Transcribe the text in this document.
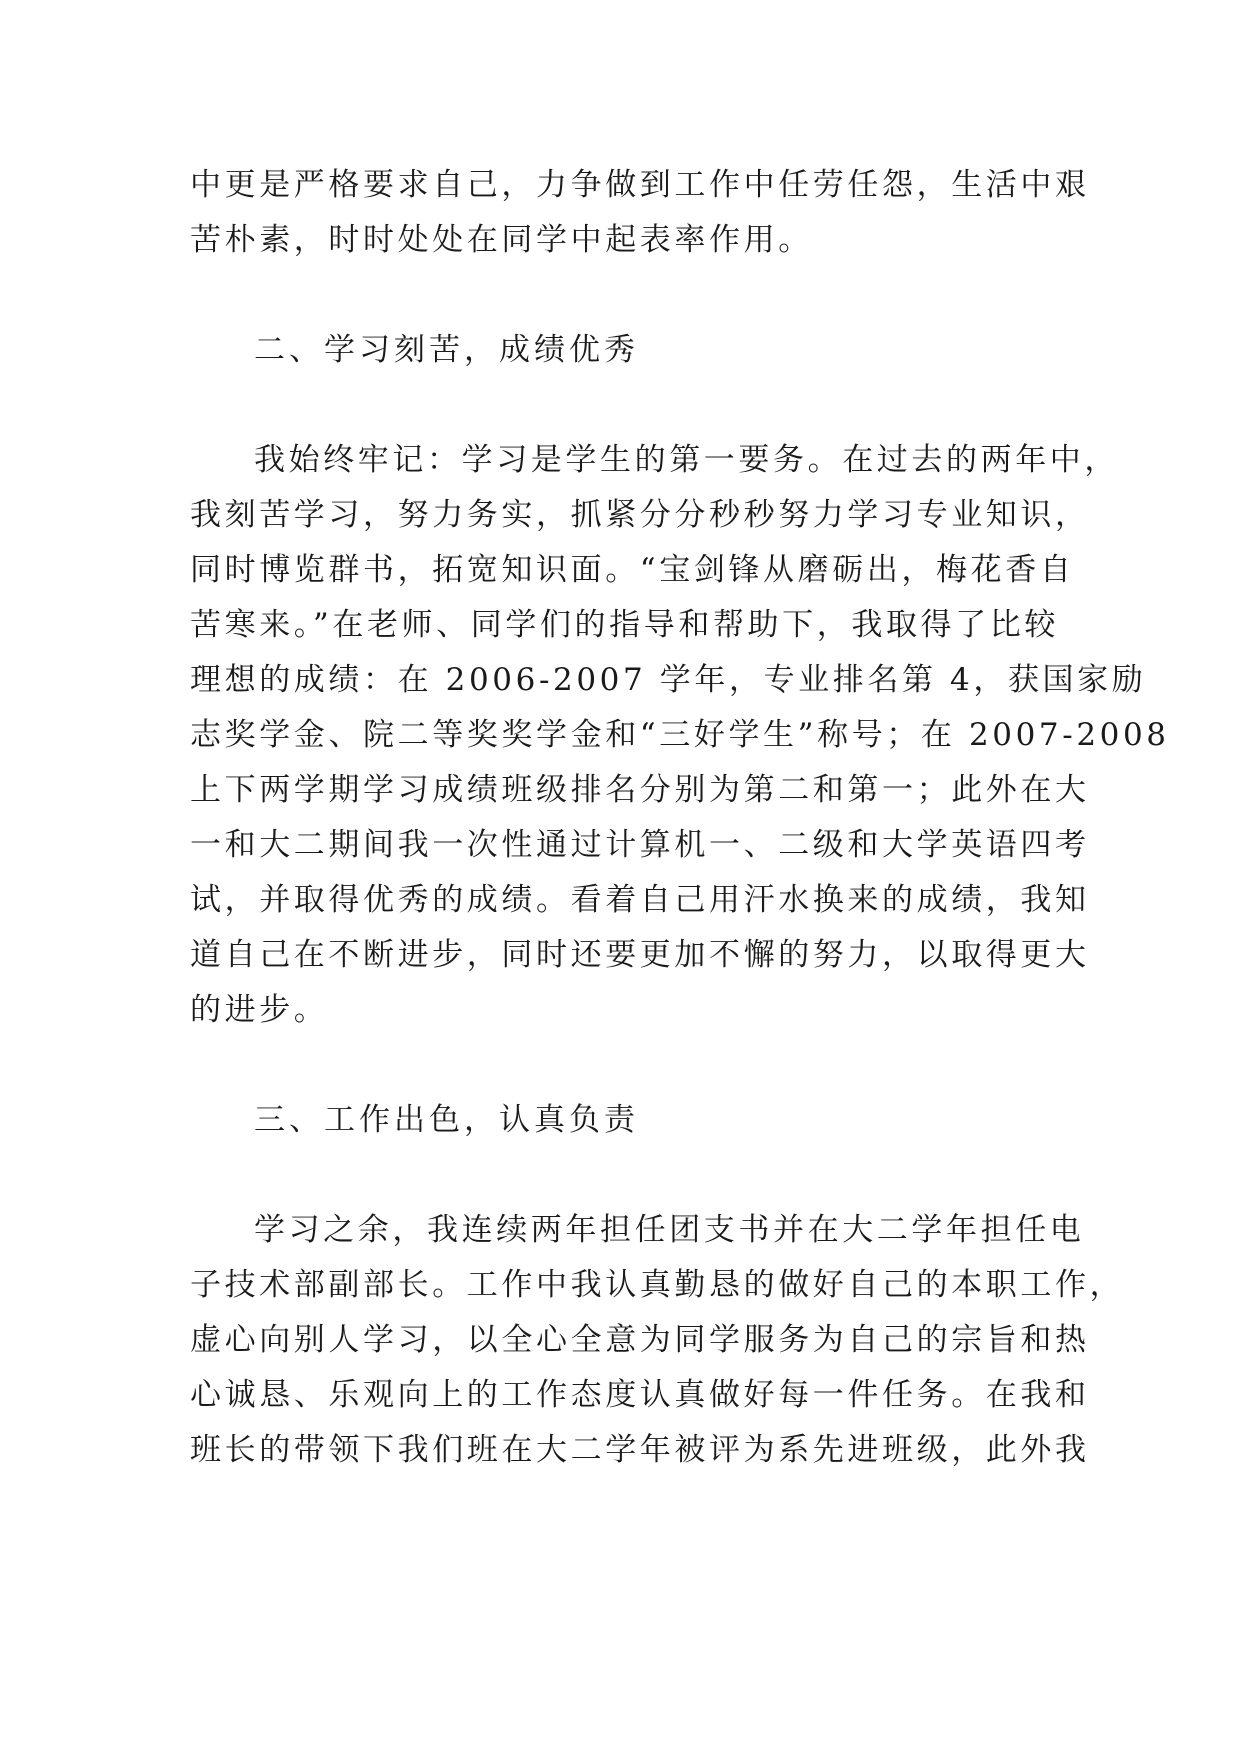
中更是严格要求自己，力争做到工作中任劳任怨，生活中艰
苦朴素，时时处处在同学中起表率作用。
二、学习刻苦，成绩优秀
我始终牢记：学习是学生的第一要务。在过去的两年中，
我刻苦学习，努力务实，抓紧分分秒秒努力学习专业知识，
同时博览群书，拓宽知识面。“宝剑锋从磨砺出，梅花香自
苦寒来。”在老师、同学们的指导和帮助下，我取得了比较
理想的成绩：在 2006-2007 学年，专业排名第 4，获国家励
志奖学金、院二等奖奖学金和“三好学生”称号；在 2007-2008
上下两学期学习成绩班级排名分别为第二和第一；此外在大
一和大二期间我一次性通过计算机一、二级和大学英语四考
试，并取得优秀的成绩。看着自己用汗水换来的成绩，我知
道自己在不断进步，同时还要更加不懈的努力，以取得更大
的进步。
三、工作出色，认真负责
学习之余，我连续两年担任团支书并在大二学年担任电
子技术部副部长。工作中我认真勤恳的做好自己的本职工作，
虚心向别人学习，以全心全意为同学服务为自己的宗旨和热
心诚恳、乐观向上的工作态度认真做好每一件任务。在我和
班长的带领下我们班在大二学年被评为系先进班级，此外我
